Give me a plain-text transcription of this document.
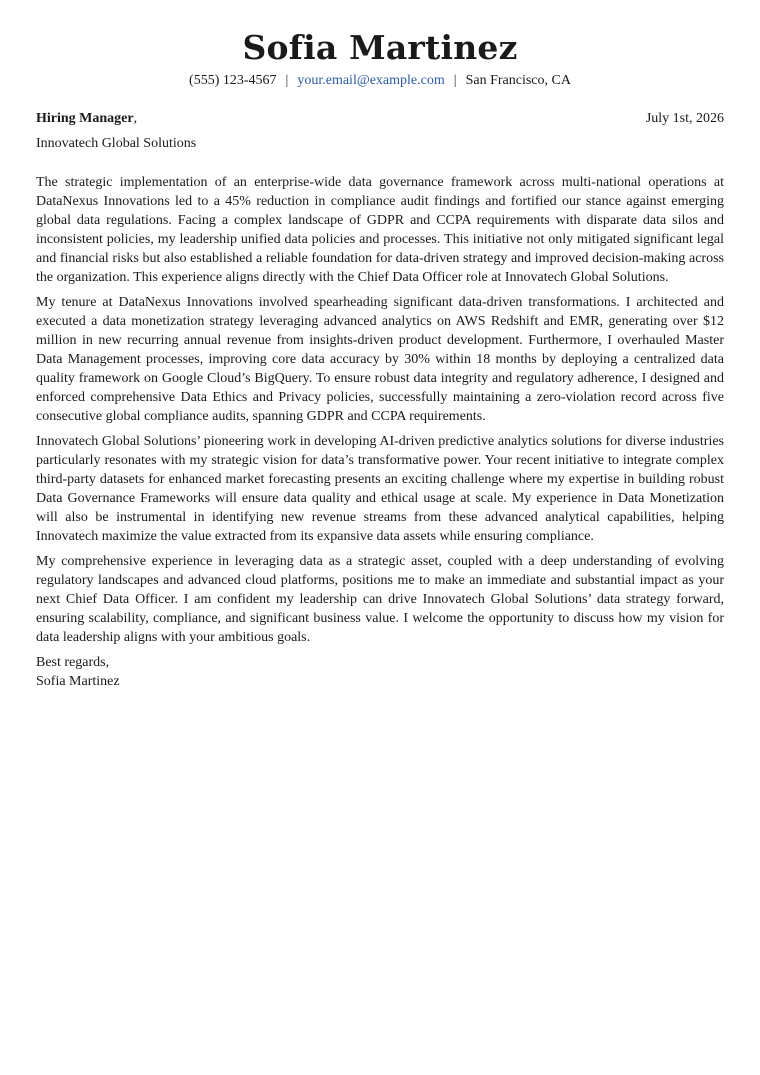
Sofia Martinez
(555) 123-4567 | your.email@example.com | San Francisco, CA
Hiring Manager,	July 1st, 2026
Innovatech Global Solutions

The strategic implementation of an enterprise-wide data governance framework across multi-national operations at DataNexus Innovations led to a 45% reduction in compliance audit findings and fortified our stance against emerging global data regulations. Facing a complex landscape of GDPR and CCPA requirements with disparate data silos and inconsistent policies, my leadership unified data policies and processes. This initiative not only mitigated significant legal and financial risks but also established a reliable foundation for data-driven strategy and improved decision-making across the organization. This experience aligns directly with the Chief Data Officer role at Innovatech Global Solutions.

My tenure at DataNexus Innovations involved spearheading significant data-driven transformations. I architected and executed a data monetization strategy leveraging advanced analytics on AWS Redshift and EMR, generating over $12 million in new recurring annual revenue from insights-driven product development. Furthermore, I overhauled Master Data Management processes, improving core data accuracy by 30% within 18 months by deploying a centralized data quality framework on Google Cloud’s BigQuery. To ensure robust data integrity and regulatory adherence, I designed and enforced comprehensive Data Ethics and Privacy policies, successfully maintaining a zero-violation record across five consecutive global compliance audits, spanning GDPR and CCPA requirements.

Innovatech Global Solutions’ pioneering work in developing AI-driven predictive analytics solutions for diverse industries particularly resonates with my strategic vision for data’s transformative power. Your recent initiative to integrate complex third-party datasets for enhanced market forecasting presents an exciting challenge where my expertise in building robust Data Governance Frameworks will ensure data quality and ethical usage at scale. My experience in Data Monetization will also be instrumental in identifying new revenue streams from these advanced analytical capabilities, helping Innovatech maximize the value extracted from its expansive data assets while ensuring compliance.

My comprehensive experience in leveraging data as a strategic asset, coupled with a deep understanding of evolving regulatory landscapes and advanced cloud platforms, positions me to make an immediate and substantial impact as your next Chief Data Officer. I am confident my leadership can drive Innovatech Global Solutions’ data strategy forward, ensuring scalability, compliance, and significant business value. I welcome the opportunity to discuss how my vision for data leadership aligns with your ambitious goals.

Best regards,
Sofia Martinez
